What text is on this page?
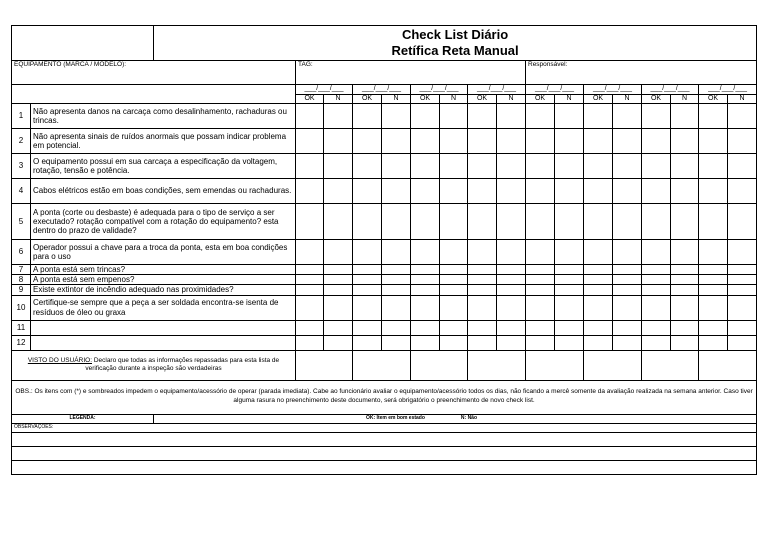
		Check List Diário
Retífica Reta Manual																

EQUIPAMENTO (MARCA / MODELO):			TAG:								Responsável:							
			___/___/___		___/___/___		___/___/___		___/___/___		___/___/___		___/___/___		___/___/___		___/___/___	
			OK	N	OK	N	OK	N	OK	N	OK	N	OK	N	OK	N	OK	N
1	Não apresenta danos na carcaça como desalinhamento, rachaduras ou trincas.																	
2	Não apresenta sinais de ruídos anormais que possam indicar problema em potencial.																	
3	O equipamento possui em sua carcaça a especificação da voltagem, rotação, tensão e potência.																	
4	Cabos elétricos estão em boas condições, sem emendas ou rachaduras.																	
5	A ponta (corte ou desbaste) é adequada para o tipo de serviço a ser executado? rotação compatível com a rotação do equipamento? esta dentro do prazo de validade?																	
6	Operador possui a chave para a troca da ponta, esta em boa condições para o uso																	
7	A ponta está sem trincas?																	
8	A ponta está sem empenos?																	
9	Existe extintor de incêndio adequado nas proximidades?																	
10	Certifique-se sempre que a peça a ser soldada encontra-se isenta de resíduos de óleo ou graxa																	
11																		
12																		
VISTO DO USUÁRIO: Declaro que todas as informações repassadas para esta lista de verificação durante a inspeção são verdadeiras																		
OBS.: Os itens com (*) e sombreados impedem o equipamento/acessório de operar (parada imediata). Cabe ao funcionário avaliar o equipamento/acessório todos os dias, não ficando a mercê somente da avaliação realizada na semana anterior. Caso tiver alguma rasura no preenchimento deste documento, será obrigatório o preenchimento de novo check list.																		
LEGENDA:		OK: Item em bom estado N: Não																
OBSERVAÇÕES:																		
